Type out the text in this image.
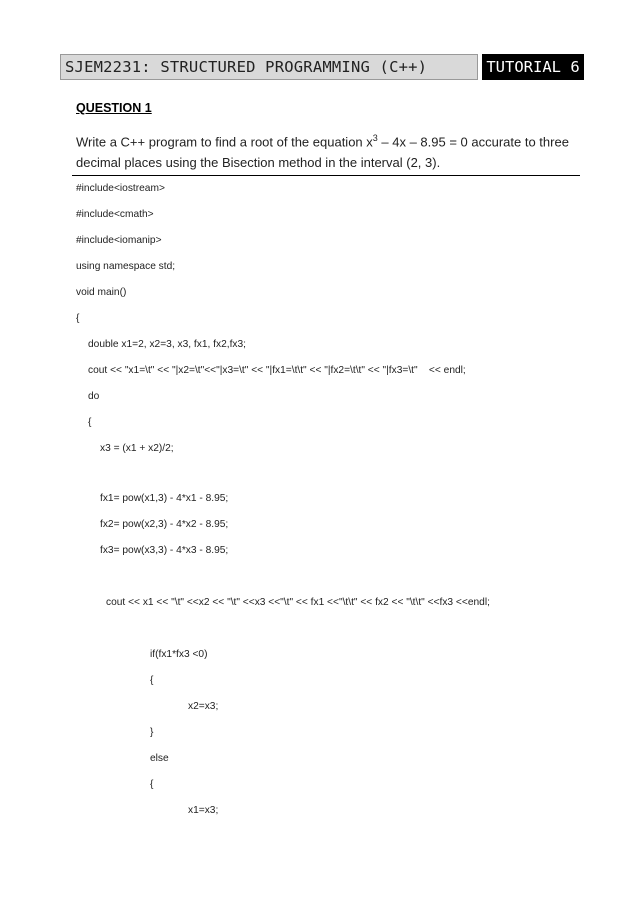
SJEM2231: STRUCTURED PROGRAMMING (C++)	TUTORIAL 6
QUESTION 1
Write a C++ program to find a root of the equation $x^3 - 4x - 8.95 = 0$ accurate to three decimal places using the Bisection method in the interval (2, 3).
#include<iostream>
#include<cmath>
#include<iomanip>
using namespace std;
void main()
{
double x1=2, x2=3, x3, fx1, fx2,fx3;
cout << "x1=\t" << "|x2=\t"<<"|x3=\t" << "|fx1=\t\t" << "|fx2=\t\t" << "|fx3=\t"    << endl;
do
{
x3 = (x1 + x2)/2;
fx1= pow(x1,3) - 4*x1 - 8.95;
fx2= pow(x2,3) - 4*x2 - 8.95;
fx3= pow(x3,3) - 4*x3 - 8.95;
cout << x1 << "\t" <<x2 << "\t" <<x3 <<"\t" << fx1 <<"\t\t" << fx2 << "\t\t" <<fx3 <<endl;
if(fx1*fx3 <0)
{
x2=x3;
}
else
{
x1=x3;
